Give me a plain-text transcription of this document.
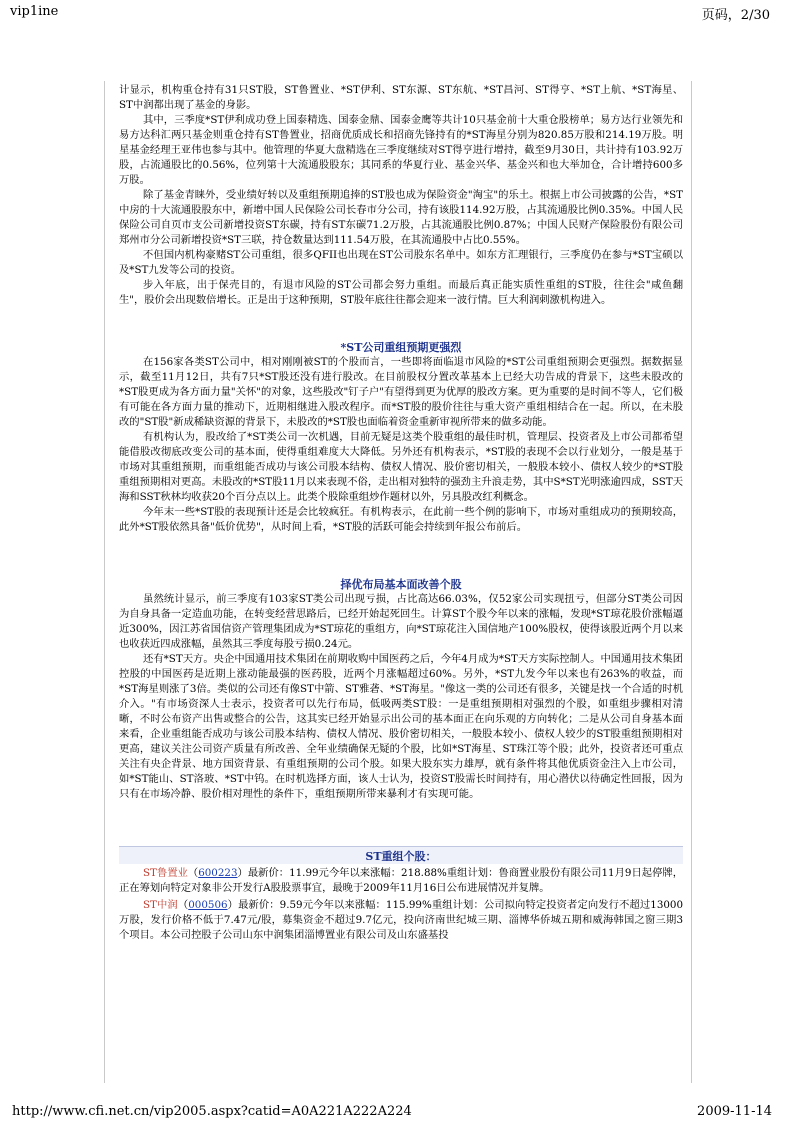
vip1ine	页码，2/30

计显示，机构重仓持有31只ST股，ST鲁置业、*ST伊利、ST东源、ST东航、*ST昌河、ST得亨、*ST上航、*ST海星、ST中润都出现了基金的身影。

其中，三季度*ST伊利成功登上国泰精选、国泰金鼎、国泰金鹰等共计10只基金前十大重仓股榜单；易方达行业领先和易方达科汇两只基金则重仓持有ST鲁置业，招商优质成长和招商先锋持有的*ST海星分别为820.85万股和214.19万股。明星基金经理王亚伟也参与其中。他管理的华夏大盘精选在三季度继续对ST得亨进行增持，截至9月30日，共计持有103.92万股，占流通股比的0.56%，位列第十大流通股股东；其同系的华夏行业、基金兴华、基金兴和也大举加仓，合计增持600多万股。

除了基金青睐外，受业绩好转以及重组预期追捧的ST股也成为保险资金"淘宝"的乐土。根据上市公司披露的公告，*ST中房的十大流通股股东中，新增中国人民保险公司长春市分公司，持有该股114.92万股，占其流通股比例0.35%。中国人民保险公司自页市支公司新增投资ST东碳，持有ST东碳71.2万股，占其流通股比例0.87%；中国人民财产保险股份有限公司郑州市分公司新增投资*ST三联，持仓数量达到111.54万股，在其流通股中占比0.55%。

不但国内机构豪赌ST公司重组，很多QFII也出现在ST公司股东名单中。如东方汇理银行，三季度仍在参与*ST宝硕以及*ST九发等公司的投资。

步入年底，出于保壳目的，有退市风险的ST公司都会努力重组。而最后真正能实质性重组的ST股，往往会"咸鱼翻生"，股价会出现数倍增长。正是出于这种预期，ST股年底往往都会迎来一波行情。巨大利润刺激机构进入。

*ST公司重组预期更强烈

在156家各类ST公司中，相对刚刚被ST的个股而言，一些即将面临退市风险的*ST公司重组预期会更强烈。据数据显示，截至11月12日，共有7只*ST股还没有进行股改。在目前股权分置改革基本上已经大功告成的背景下，这些未股改的*ST股更成为各方面力量"关怀"的对象，这些股改"钉子户"有望得到更为优厚的股改方案。更为重要的是时间不等人，它们极有可能在各方面力量的推动下，近期相继进入股改程序。而*ST股的股价往往与重大资产重组相结合在一起。所以，在未股改的"ST股"新成稀缺资源的背景下，未股改的*ST股也面临着资金重新审视所带来的做多动能。

有机构认为，股改给了*ST类公司一次机遇，目前无疑是这类个股重组的最佳时机，管理层、投资者及上市公司都希望能借股改彻底改变公司的基本面，使得重组难度大大降低。另外还有机构表示，*ST股的表现不会以行业划分，一般是基于市场对其重组预期，而重组能否成功与该公司股本结构、债权人情况、股价密切相关，一般股本较小、债权人较少的*ST股重组预期相对更高。未股改的*ST股11月以来表现不俗，走出相对独特的强劲主升浪走势，其中S*ST光明涨逾四成，SST天海和SST秋林均收获20个百分点以上。此类个股除重组炒作题材以外，另具股改红利概念。

今年末一些*ST股的表现预计还是会比较疯狂。有机构表示，在此前一些个例的影响下，市场对重组成功的预期较高，此外*ST股依然具备"低价优势"，从时间上看，*ST股的活跃可能会持续到年报公布前后。

择优布局基本面改善个股

虽然统计显示，前三季度有103家ST类公司出现亏损，占比高达66.03%，仅52家公司实现扭亏，但部分ST类公司因为自身具备一定造血功能，在转变经营思路后，已经开始起死回生。计算ST个股今年以来的涨幅，发现*ST琼花股价涨幅逼近300%，因江苏省国信资产管理集团成为*ST琼花的重组方，向*ST琼花注入国信地产100%股权，使得该股近两个月以来也收获近四成涨幅，虽然其三季度每股亏损0.24元。

还有*ST天方。央企中国通用技术集团在前期收购中国医药之后，今年4月成为*ST天方实际控制人。中国通用技术集团控股的中国医药是近期上涨动能最强的医药股，近两个月涨幅超过60%。另外，*ST九发今年以来也有263%的收益，而*ST海星则涨了3倍。类似的公司还有像ST中箭、ST雅砻、*ST海星。"像这一类的公司还有很多，关键是找一个合适的时机介入。"有市场资深人士表示，投资者可以先行布局，低吸两类ST股：一是重组预期相对强烈的个股，如重组步骤相对清晰，不时公布资产出售或整合的公告，这其实已经开始显示出公司的基本面正在向乐观的方向转化；二是从公司自身基本面来看，企业重组能否成功与该公司股本结构、债权人情况、股价密切相关，一般股本较小、债权人较少的ST股重组预期相对更高，建议关注公司资产质量有所改善、全年业绩确保无疑的个股，比如*ST海星、ST珠江等个股；此外，投资者还可重点关注有央企背景、地方国资背景、有重组预期的公司个股。如果大股东实力雄厚，就有条件将其他优质资金注入上市公司，如*ST能山、ST洛玻、*ST中钨。在时机选择方面，该人士认为，投资ST股需长时间持有，用心潜伏以待确定性回报，因为只有在市场冷静、股价相对理性的条件下，重组预期所带来暴利才有实现可能。

ST重组个股：

ST鲁置业（600223）最新价：11.99元今年以来涨幅：218.88%重组计划：鲁商置业股份有限公司11月9日起停牌，正在筹划向特定对象非公开发行A股股票事宜，最晚于2009年11月16日公布进展情况并复牌。

ST中润（000506）最新价：9.59元今年以来涨幅：115.99%重组计划：公司拟向特定投资者定向发行不超过13000万股，发行价格不低于7.47元/股，募集资金不超过9.7亿元，投向济南世纪城三期、淄博华侨城五期和威海韩国之窗三期3个项目。本公司控股子公司山东中润集团淄博置业有限公司及山东盛基投

http://www.cfi.net.cn/vip2005.aspx?catid=A0A221A222A224	2009-11-14
